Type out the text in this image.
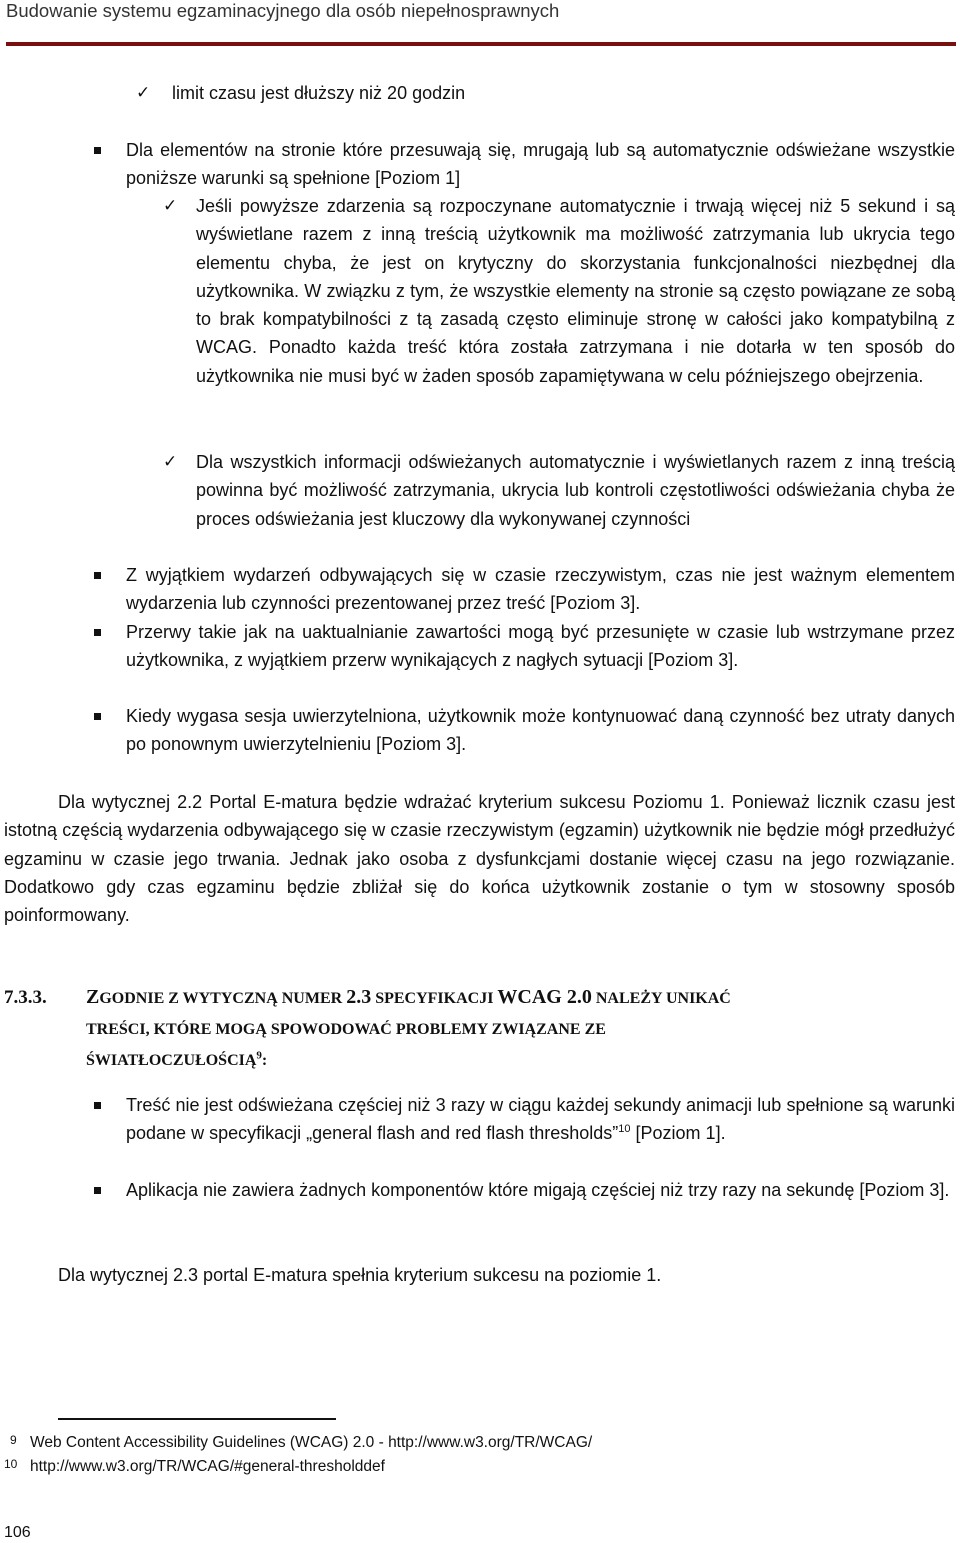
Budowanie systemu egzaminacyjnego dla osób niepełnosprawnych
✓ limit czasu jest dłuższy niż 20 godzin

Dla elementów na stronie które przesuwają się, mrugają lub są automatycznie odświeżane wszystkie poniższe warunki są spełnione [Poziom 1]

✓ Jeśli powyższe zdarzenia są rozpoczynane automatycznie i trwają więcej niż 5 sekund i są wyświetlane razem z inną treścią użytkownik ma możliwość zatrzymania lub ukrycia tego elementu chyba, że jest on krytyczny do skorzystania funkcjonalności niezbędnej dla użytkownika. W związku z tym, że wszystkie elementy na stronie są często powiązane ze sobą to brak kompatybilności z tą zasadą często eliminuje stronę w całości jako kompatybilną z WCAG. Ponadto każda treść która została zatrzymana i nie dotarła w ten sposób do użytkownika nie musi być w żaden sposób zapamiętywana w celu późniejszego obejrzenia.

✓ Dla wszystkich informacji odświeżanych automatycznie i wyświetlanych razem z inną treścią powinna być możliwość zatrzymania, ukrycia lub kontroli częstotliwości odświeżania chyba że proces odświeżania jest kluczowy dla wykonywanej czynności

Z wyjątkiem wydarzeń odbywających się w czasie rzeczywistym, czas nie jest ważnym elementem wydarzenia lub czynności prezentowanej przez treść [Poziom 3].

Przerwy takie jak na uaktualnianie zawartości mogą być przesunięte w czasie lub wstrzymane przez użytkownika, z wyjątkiem przerw wynikających z nagłych sytuacji [Poziom 3].

Kiedy wygasa sesja uwierzytelniona, użytkownik może kontynuować daną czynność bez utraty danych po ponownym uwierzytelnieniu [Poziom 3].

Dla wytycznej 2.2 Portal E-matura będzie wdrażać kryterium sukcesu Poziomu 1. Ponieważ licznik czasu jest istotną częścią wydarzenia odbywającego się w czasie rzeczywistym (egzamin) użytkownik nie będzie mógł przedłużyć egzaminu w czasie jego trwania. Jednak jako osoba z dysfunkcjami dostanie więcej czasu na jego rozwiązanie. Dodatkowo gdy czas egzaminu będzie zbliżał się do końca użytkownik zostanie o tym w stosowny sposób poinformowany.

7.3.3.	ZGODNIE Z WYTYCZNĄ NUMER 2.3 SPECYFIKACJI WCAG 2.0 NALEŻY UNIKAĆ
TREŚCI, KTÓRE MOGĄ SPOWODOWAĆ PROBLEMY ZWIĄZANE ZE
ŚWIATŁOCZUŁOŚCIĄ$^9$:

Treść nie jest odświeżana częściej niż 3 razy w ciągu każdej sekundy animacji lub spełnione są warunki podane w specyfikacji „general flash and red flash thresholds”$^{10}$ [Poziom 1].

Aplikacja nie zawiera żadnych komponentów które migają częściej niż trzy razy na sekundę [Poziom 3].

Dla wytycznej 2.3 portal E-matura spełnia kryterium sukcesu na poziomie 1.

9 Web Content Accessibility Guidelines (WCAG) 2.0 - http://www.w3.org/TR/WCAG/
10 http://www.w3.org/TR/WCAG/#general-thresholddef
106
